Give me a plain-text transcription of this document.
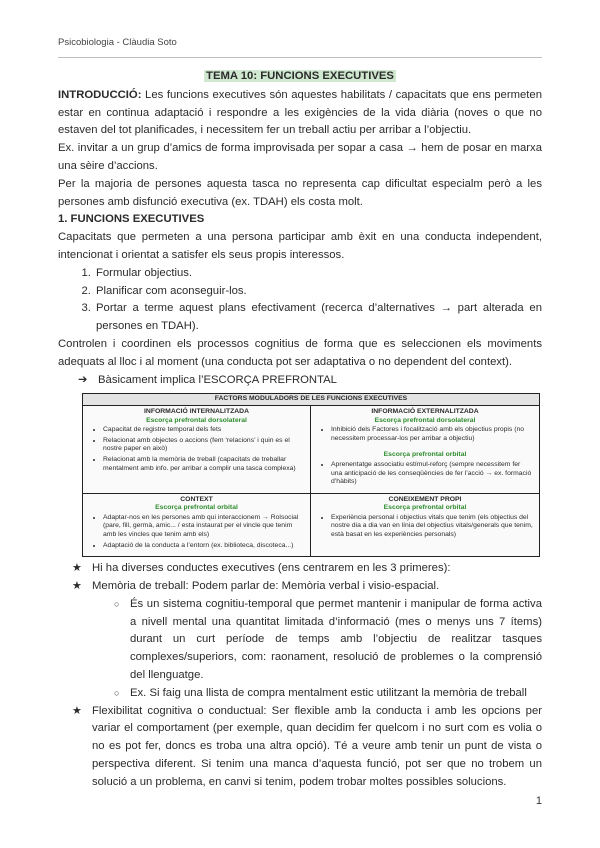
Psicobiologia - Clàudia Soto
TEMA 10: FUNCIONS EXECUTIVES

INTRODUCCIÓ: Les funcions executives són aquestes habilitats / capacitats que ens permeten estar en continua adaptació i respondre a les exigències de la vida diària (noves o que no estaven del tot planificades, i necessitem fer un treball actiu per arribar a l’objectiu.

Ex. invitar a un grup d’amics de forma improvisada per sopar a casa → hem de posar en marxa una sèire d’accions.

Per la majoria de persones aquesta tasca no representa cap dificultat especialm però a les persones amb disfunció executiva (ex. TDAH) els costa molt.

1. FUNCIONS EXECUTIVES

Capacitats que permeten a una persona participar amb èxit en una conducta independent, intencionat i orientat a satisfer els seus propis interessos.

1. Formular objectius.
2. Planificar com aconseguir-los.
3. Portar a terme aquest plans efectivament (recerca d’alternatives → part alterada en persones en TDAH).

Controlen i coordinen els processos cognitius de forma que es seleccionen els moviments adequats al lloc i al moment (una conducta pot ser adaptativa o no dependent del context).

➔ Bàsicament implica l’ESCORÇA PREFRONTAL
FACTORS MODULADORS DE LES FUNCIONS EXECUTIVES
INFORMACIÓ INTERNALITZADA
Escorça prefrontal dorsolateral
• Capacitat de registre temporal dels fets
• Relacionat amb objectes o accions (fem ‘relacions’ i quin es el nostre paper en això)
• Relacionat amb la memòria de treball (capacitats de treballar mentalment amb info. per arribar a complir una tasca complexa)
INFORMACIÓ EXTERNALITZADA
Escorça prefrontal dorsolateral
• Inhibició dels Factores i focalització amb els objectius propis (no necessitem processar-los per arribar a objectiu)
Escorça prefrontal orbital
• Aprenentatge associatiu estímul-reforç (sempre necessitem fer una anticipació de les conseqüències de fer l’acció → ex. formació d’hàbits)
CONTEXT
Escorça prefrontal orbital
• Adaptar-nos en les persones amb qui interaccionem → Rolsocial (pare, fill, germà, amic... / esta instaurat per el vincle que tenim amb les vincles que tenim amb els)
• Adaptació de la conducta a l’entorn (ex. biblioteca, discoteca...)
CONEIXEMENT PROPI
Escorça prefrontal orbital
• Experiència personal i objectius vitals que tenim (els objectius del nostre dia a dia van en línia del objectius vitals/generals que tenim, està basat en les experiències personals)
★ Hi ha diverses conductes executives (ens centrarem en les 3 primeres):
★ Memòria de treball: Podem parlar de: Memòria verbal i visio-espacial.
○ És un sistema cognitiu-temporal que permet mantenir i manipular de forma activa a nivell mental una quantitat limitada d’informació (mes o menys uns 7 ítems) durant un curt període de temps amb l’objectiu de realitzar tasques complexes/superiors, com: raonament, resolució de problemes o la comprensió del llenguatge.
○ Ex. Si faig una llista de compra mentalment estic utilitzant la memòria de treball
★ Flexibilitat cognitiva o conductual: Ser flexible amb la conducta i amb les opcions per variar el comportament (per exemple, quan decidim fer quelcom i no surt com es volia o no es pot fer, doncs es troba una altra opció). Té a veure amb tenir un punt de vista o perspectiva diferent. Si tenim una manca d’aquesta funció, pot ser que no trobem un solució a un problema, en canvi si tenim, podem trobar moltes possibles solucions.
1
